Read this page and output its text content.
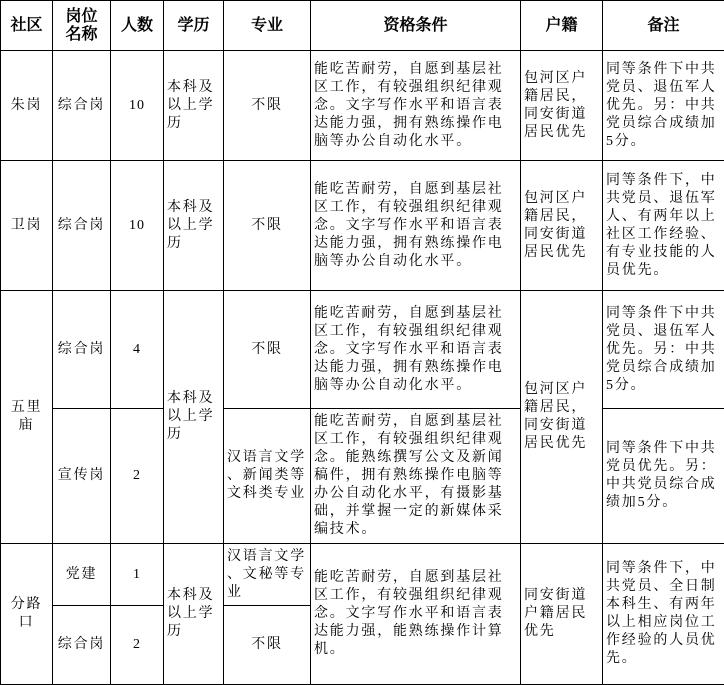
社区	岗位名称	人数	学历	专业	资格条件	户籍	备注
朱岗	综合岗	10	本科及以上学历	不限	能吃苦耐劳，自愿到基层社区工作，有较强组织纪律观念。文字写作水平和语言表达能力强，拥有熟练操作电脑等办公自动化水平。	包河区户籍居民，同安街道居民优先	同等条件下中共党员、退伍军人优先。另：中共党员综合成绩加5分。
卫岗	综合岗	10	本科及以上学历	不限	能吃苦耐劳，自愿到基层社区工作，有较强组织纪律观念。文字写作水平和语言表达能力强，拥有熟练操作电脑等办公自动化水平。	包河区户籍居民，同安街道居民优先	同等条件下，中共党员、退伍军人、有两年以上社区工作经验、有专业技能的人员优先。
五里庙	综合岗	4	本科及以上学历	不限	能吃苦耐劳，自愿到基层社区工作，有较强组织纪律观念。文字写作水平和语言表达能力强，拥有熟练操作电脑等办公自动化水平。	包河区户籍居民，同安街道居民优先	同等条件下中共党员、退伍军人优先。另：中共党员综合成绩加5分。
	宣传岗	2		汉语言文学、新闻类等文科类专业	能吃苦耐劳，自愿到基层社区工作，有较强组织纪律观念。能熟练撰写公文及新闻稿件，拥有熟练操作电脑等办公自动化水平，有摄影基础，并掌握一定的新媒体采编技术。		同等条件下中共党员优先。另：中共党员综合成绩加5分。
分路口	党建	1	本科及以上学历	汉语言文学、文秘等专业	能吃苦耐劳，自愿到基层社区工作，有较强组织纪律观念。文字写作水平和语言表达能力强，能熟练操作计算机。	同安街道户籍居民优先	同等条件下，中共党员、全日制本科生、有两年以上相应岗位工作经验的人员优先。
	综合岗	2		不限			
